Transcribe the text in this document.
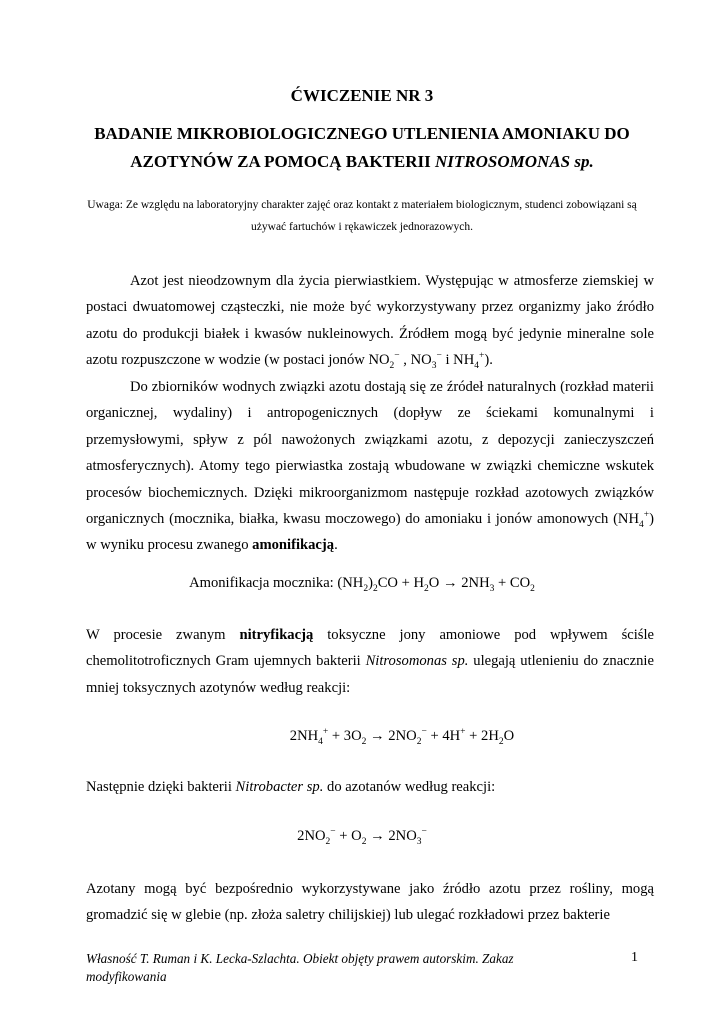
ĆWICZENIE NR 3
BADANIE MIKROBIOLOGICZNEGO UTLENIENIA AMONIAKU DO
AZOTYNÓW ZA POMOCĄ BAKTERII NITROSOMONAS sp.
Uwaga: Ze względu na laboratoryjny charakter zajęć oraz kontakt z materiałem biologicznym, studenci zobowiązani są używać fartuchów i rękawiczek jednorazowych.

Azot jest nieodzownym dla życia pierwiastkiem. Występując w atmosferze ziemskiej w postaci dwuatomowej cząsteczki, nie może być wykorzystywany przez organizmy jako źródło azotu do produkcji białek i kwasów nukleinowych. Źródłem mogą być jedynie mineralne sole azotu rozpuszczone w wodzie (w postaci jonów $NO_2^-$ , $NO_3^-$ i $NH_4^+$).

Do zbiorników wodnych związki azotu dostają się ze źródeł naturalnych (rozkład materii organicznej, wydaliny) i antropogenicznych (dopływ ze ściekami komunalnymi i przemysłowymi, spływ z pól nawożonych związkami azotu, z depozycji zanieczyszczeń atmosferycznych). Atomy tego pierwiastka zostają wbudowane w związki chemiczne wskutek procesów biochemicznych. Dzięki mikroorganizmom następuje rozkład azotowych związków organicznych (mocznika, białka, kwasu moczowego) do amoniaku i jonów amonowych $(NH_4^+)$ w wyniku procesu zwanego amonifikacją.

Amonifikacja mocznika: $(NH_2)_2CO + H_2O \to 2NH_3 + CO_2$

W procesie zwanym nitryfikacją toksyczne jony amoniowe pod wpływem ściśle chemolitotroficznych Gram ujemnych bakterii Nitrosomonas sp. ulegają utlenieniu do znacznie mniej toksycznych azotynów według reakcji:

$2NH_4^+ + 3O_2 \to 2NO_2^- + 4H^+ + 2H_2O$

Następnie dzięki bakterii Nitrobacter sp. do azotanów według reakcji:

$2NO_2^- + O_2 \to 2NO_3^-$

Azotany mogą być bezpośrednio wykorzystywane jako źródło azotu przez rośliny, mogą gromadzić się w glebie (np. złoża saletry chilijskiej) lub ulegać rozkładowi przez bakterie

Własność T. Ruman i K. Lecka-Szlachta. Obiekt objęty prawem autorskim. Zakaz modyfikowania
1
